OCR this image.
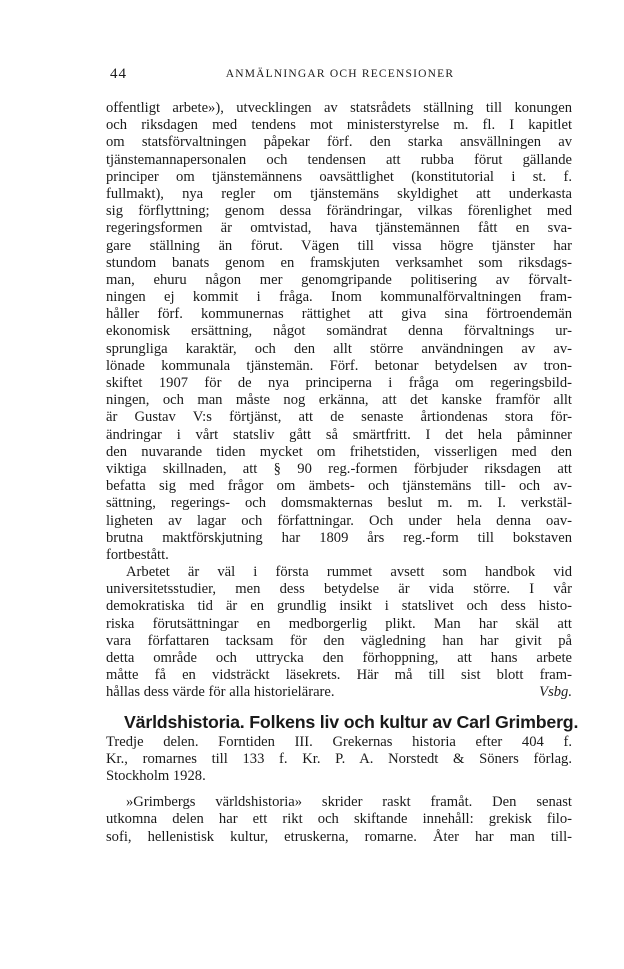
44	ANMÄLNINGAR OCH RECENSIONER
offentligt arbete»), utvecklingen av statsrådets ställning till konungen
och riksdagen med tendens mot ministerstyrelse m. fl. I kapitlet
om statsförvaltningen påpekar förf. den starka ansvällningen av
tjänstemannapersonalen och tendensen att rubba förut gällande
principer om tjänstemännens oavsättlighet (konstitutorial i st. f.
fullmakt), nya regler om tjänstemäns skyldighet att underkasta
sig förflyttning; genom dessa förändringar, vilkas förenlighet med
regeringsformen är omtvistad, hava tjänstemännen fått en sva-
gare ställning än förut. Vägen till vissa högre tjänster har
stundom banats genom en framskjuten verksamhet som riksdags-
man, ehuru någon mer genomgripande politisering av förvalt-
ningen ej kommit i fråga. Inom kommunalförvaltningen fram-
håller förf. kommunernas rättighet att giva sina förtroendemän
ekonomisk ersättning, något somändrat denna förvaltnings ur-
sprungliga karaktär, och den allt större användningen av av-
lönade kommunala tjänstemän. Förf. betonar betydelsen av tron-
skiftet 1907 för de nya principerna i fråga om regeringsbild-
ningen, och man måste nog erkänna, att det kanske framför allt
är Gustav V:s förtjänst, att de senaste årtiondenas stora för-
ändringar i vårt statsliv gått så smärtfritt. I det hela påminner
den nuvarande tiden mycket om frihetstiden, visserligen med den
viktiga skillnaden, att § 90 reg.-formen förbjuder riksdagen att
befatta sig med frågor om ämbets- och tjänstemäns till- och av-
sättning, regerings- och domsmakternas beslut m. m. I. verkstäl-
ligheten av lagar och författningar. Och under hela denna oav-
brutna maktförskjutning har 1809 års reg.-form till bokstaven
fortbestått.
Arbetet är väl i första rummet avsett som handbok vid
universitetsstudier, men dess betydelse är vida större. I vår
demokratiska tid är en grundlig insikt i statslivet och dess histo-
riska förutsättningar en medborgerlig plikt. Man har skäl att
vara författaren tacksam för den vägledning han har givit på
detta område och uttrycka den förhoppning, att hans arbete
måtte få en vidsträckt läsekrets. Här må till sist blott fram-
hållas dess värde för alla historielärare.	Vsbg.
Världshistoria. Folkens liv och kultur av Carl Grimberg.
Tredje delen. Forntiden III. Grekernas historia efter 404 f.
Kr., romarnes till 133 f. Kr. P. A. Norstedt & Söners förlag.
Stockholm 1928.
»Grimbergs världshistoria» skrider raskt framåt. Den senast
utkomna delen har ett rikt och skiftande innehåll: grekisk filo-
sofi, hellenistisk kultur, etruskerna, romarne. Åter har man till-
